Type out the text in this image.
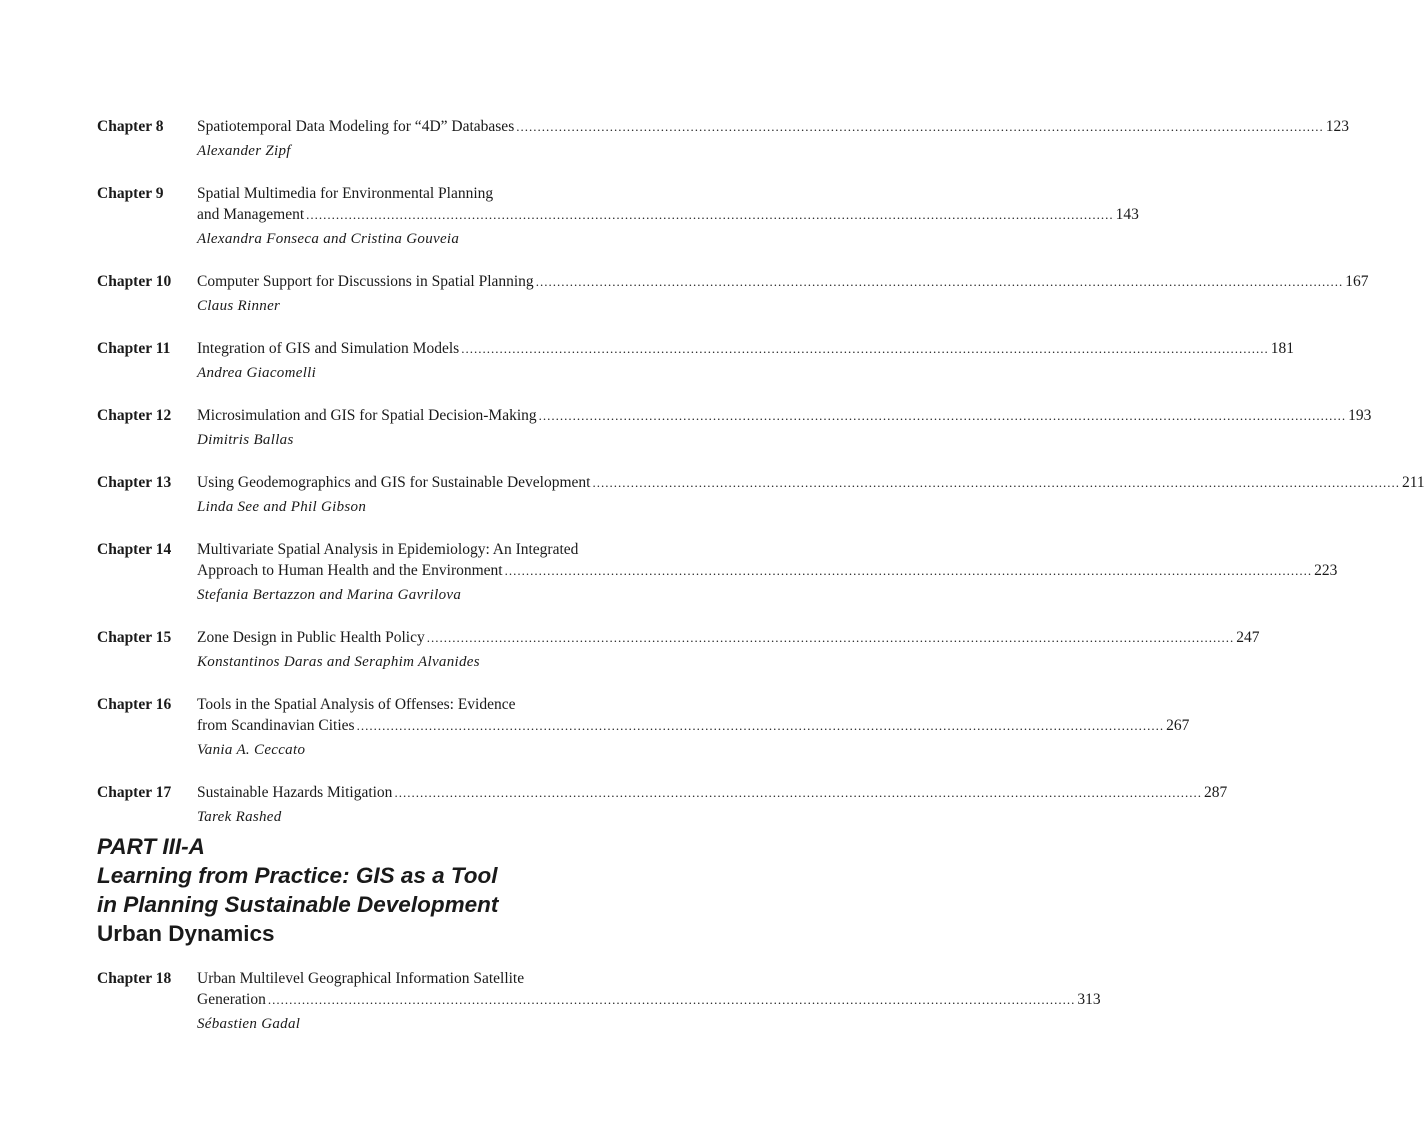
Chapter 8	Spatiotemporal Data Modeling for “4D” Databases .....	123
Alexander Zipf
Chapter 9	Spatial Multimedia for Environmental Planning
and Management .....	143
Alexandra Fonseca and Cristina Gouveia
Chapter 10	Computer Support for Discussions in Spatial Planning .....	167
Claus Rinner
Chapter 11	Integration of GIS and Simulation Models .....	181
Andrea Giacomelli
Chapter 12	Microsimulation and GIS for Spatial Decision-Making .....	193
Dimitris Ballas
Chapter 13	Using Geodemographics and GIS for Sustainable Development .....	211
Linda See and Phil Gibson
Chapter 14	Multivariate Spatial Analysis in Epidemiology: An Integrated
Approach to Human Health and the Environment .....	223
Stefania Bertazzon and Marina Gavrilova
Chapter 15	Zone Design in Public Health Policy .....	247
Konstantinos Daras and Seraphim Alvanides
Chapter 16	Tools in the Spatial Analysis of Offenses: Evidence
from Scandinavian Cities .....	267
Vania A. Ceccato
Chapter 17	Sustainable Hazards Mitigation .....	287
Tarek Rashed
PART III-A
Learning from Practice: GIS as a Tool
in Planning Sustainable Development
Urban Dynamics
Chapter 18	Urban Multilevel Geographical Information Satellite
Generation .....	313
Sébastien Gadal
